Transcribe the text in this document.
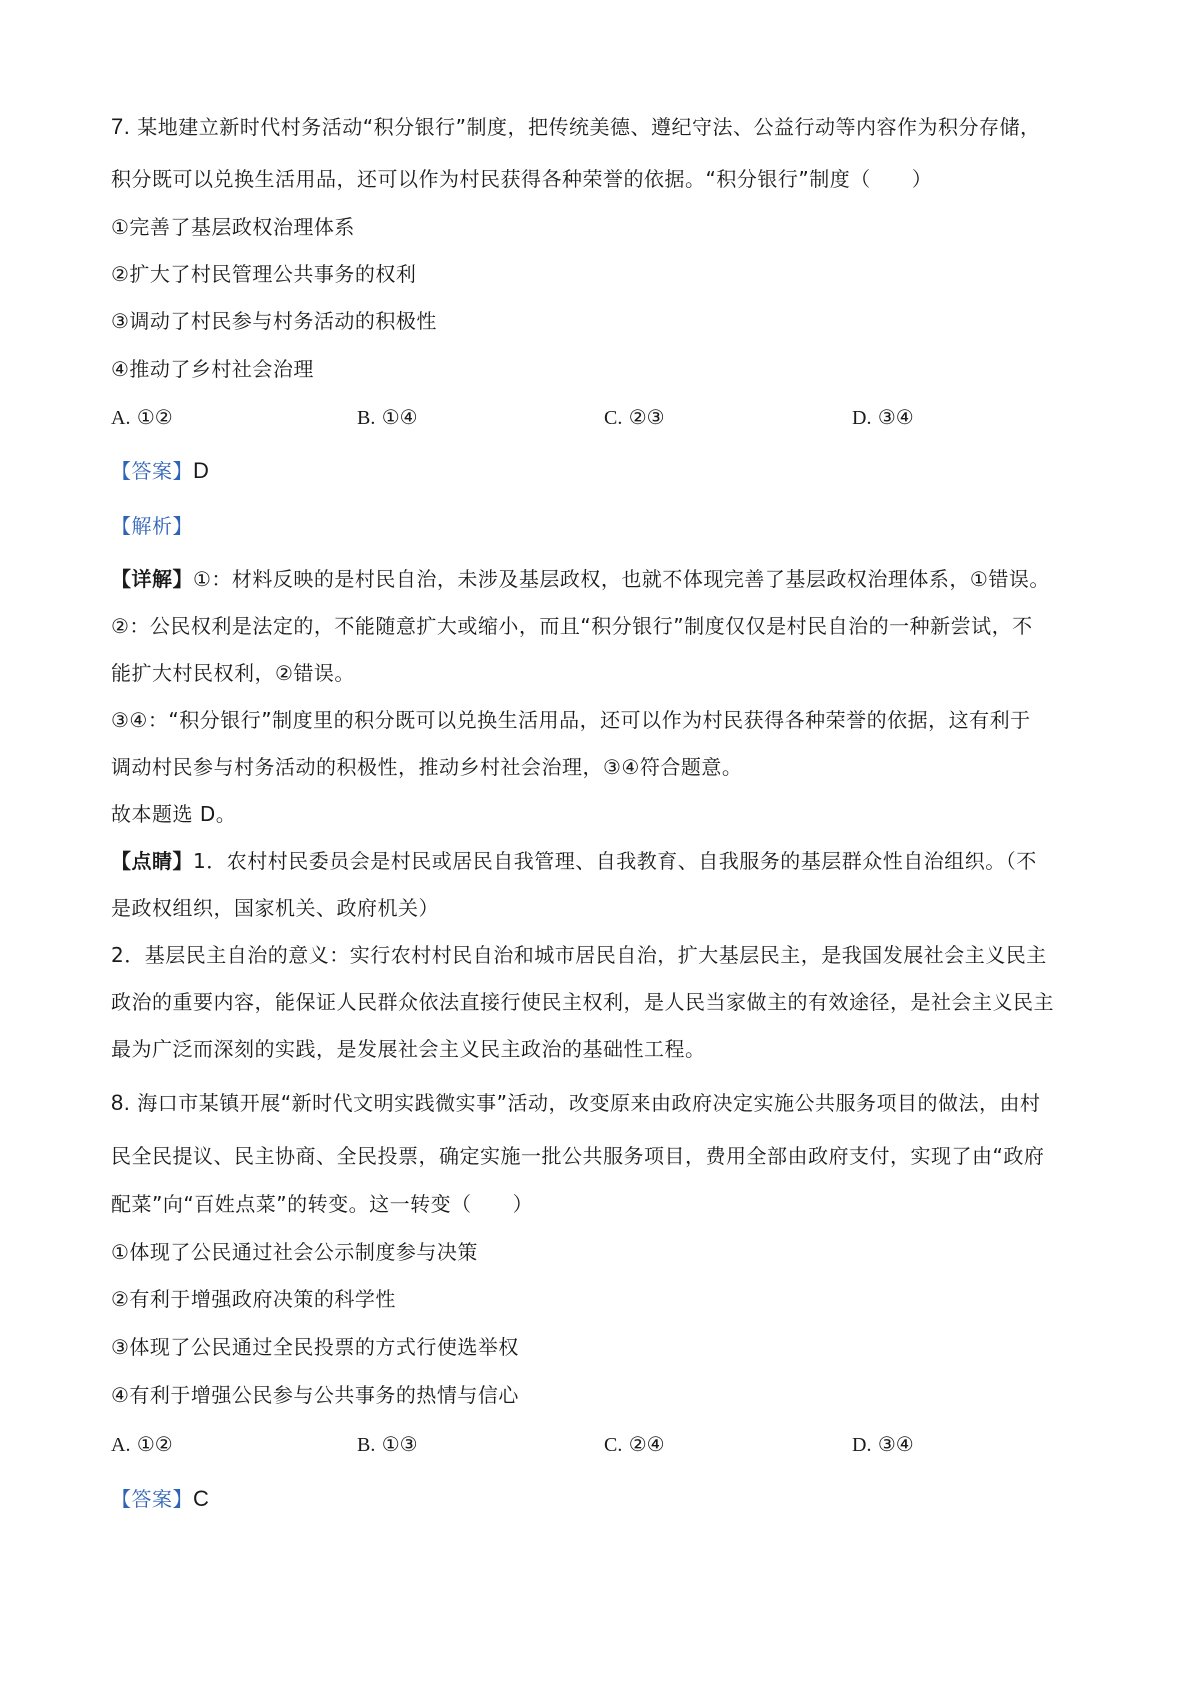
7. 某地建立新时代村务活动“积分银行”制度，把传统美德、遵纪守法、公益行动等内容作为积分存储，
积分既可以兑换生活用品，还可以作为村民获得各种荣誉的依据。“积分银行”制度（　　）
①完善了基层政权治理体系
②扩大了村民管理公共事务的权利
③调动了村民参与村务活动的积极性
④推动了乡村社会治理
A. ①②	B. ①④	C. ②③	D. ③④
【答案】D
【解析】
【详解】①：材料反映的是村民自治，未涉及基层政权，也就不体现完善了基层政权治理体系，①错误。
②：公民权利是法定的，不能随意扩大或缩小，而且“积分银行”制度仅仅是村民自治的一种新尝试，不
能扩大村民权利，②错误。
③④：“积分银行”制度里的积分既可以兑换生活用品，还可以作为村民获得各种荣誉的依据，这有利于
调动村民参与村务活动的积极性，推动乡村社会治理，③④符合题意。
故本题选 D。
【点睛】1．农村村民委员会是村民或居民自我管理、自我教育、自我服务的基层群众性自治组织。（不
是政权组织，国家机关、政府机关）
2．基层民主自治的意义：实行农村村民自治和城市居民自治，扩大基层民主，是我国发展社会主义民主
政治的重要内容，能保证人民群众依法直接行使民主权利，是人民当家做主的有效途径，是社会主义民主
最为广泛而深刻的实践，是发展社会主义民主政治的基础性工程。
8. 海口市某镇开展“新时代文明实践微实事”活动，改变原来由政府决定实施公共服务项目的做法，由村
民全民提议、民主协商、全民投票，确定实施一批公共服务项目，费用全部由政府支付，实现了由“政府
配菜”向“百姓点菜”的转变。这一转变（　　）
①体现了公民通过社会公示制度参与决策
②有利于增强政府决策的科学性
③体现了公民通过全民投票的方式行使选举权
④有利于增强公民参与公共事务的热情与信心
A. ①②	B. ①③	C. ②④	D. ③④
【答案】C
